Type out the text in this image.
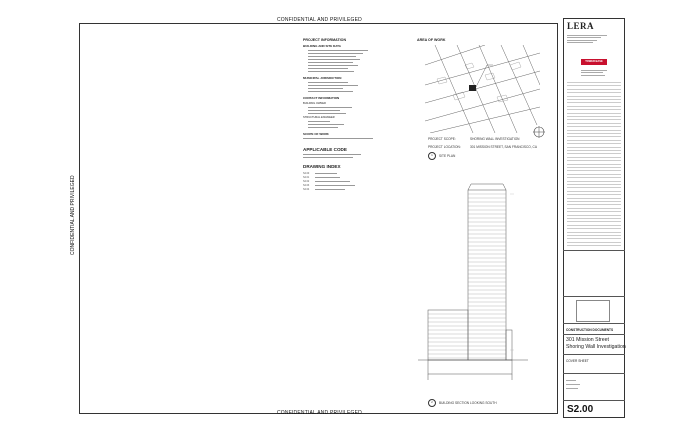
CONFIDENTIAL AND PRIVILEGED
CONFIDENTIAL AND PRIVILEGED
CONFIDENTIAL AND PRIVILEGED
PROJECT INFORMATION
BUILDING AND SITE DATA
MUNICIPAL JURISDICTION
CONTACT INFORMATION
BUILDING OWNER
STRUCTURAL ENGINEER
SCOPE OF WORK
APPLICABLE CODE
DRAWING INDEX
S2.00
S2.01
S2.02
S2.03
S2.04
AREA OF WORK
PROJECT SCOPE:	SHORING WALL INVESTIGATION
PROJECT LOCATION:	301 MISSION STREET, SAN FRANCISCO, CA
1	SITE PLAN
2	BUILDING SECTION LOOKING SOUTH
LERA
TOWER BASE
CONSTRUCTION DOCUMENTS
301 Mission Street
Shoring Wall Investigation
COVER SHEET
S2.00
